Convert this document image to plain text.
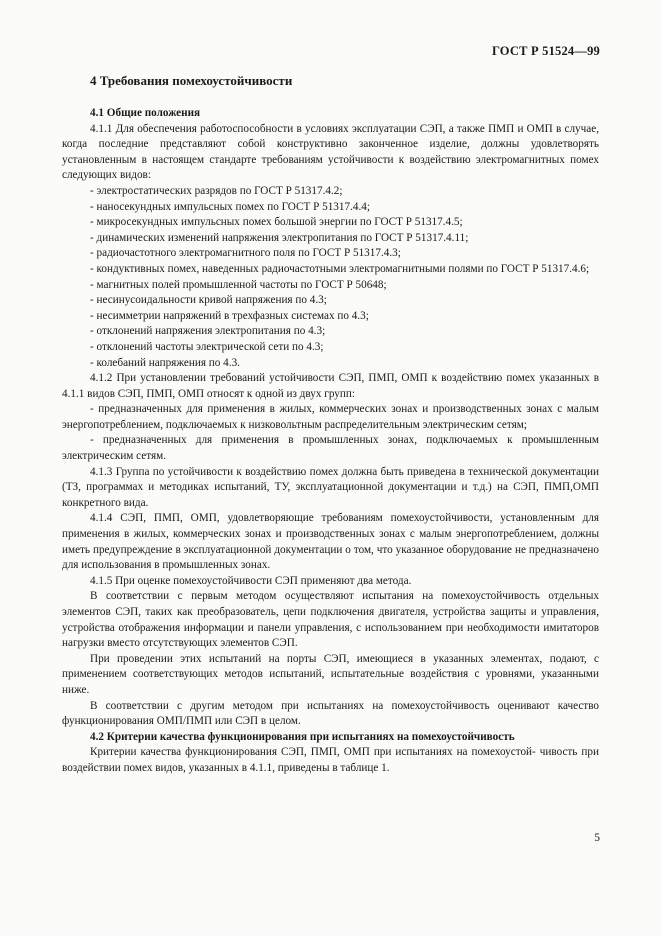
ГОСТ Р 51524—99
4 Требования помехоустойчивости
4.1 Общие положения

4.1.1 Для обеспечения работоспособности в условиях эксплуатации СЭП, а также ПМП и ОМП в случае, когда последние представляют собой конструктивно законченное изделие, должны удовлетворять установленным в настоящем стандарте требованиям устойчивости к воздействию электромагнитных помех следующих видов:

- электростатических разрядов по ГОСТ Р 51317.4.2;

- наносекундных импульсных помех по ГОСТ Р 51317.4.4;

- микросекундных импульсных помех большой энергии по ГОСТ Р 51317.4.5;

- динамических изменений напряжения электропитания по ГОСТ Р 51317.4.11;

- радиочастотного электромагнитного поля по ГОСТ Р 51317.4.3;

- кондуктивных помех, наведенных радиочастотными электромагнитными полями по ГОСТ Р 51317.4.6;

- магнитных полей промышленной частоты по ГОСТ Р 50648;

- несинусоидальности кривой напряжения по 4.3;

- несимметрии напряжений в трехфазных системах по 4.3;

- отклонений напряжения электропитания по 4.3;

- отклонений частоты электрической сети по 4.3;

- колебаний напряжения по 4.3.

4.1.2 При установлении требований устойчивости СЭП, ПМП, ОМП к воздействию помех указанных в 4.1.1 видов СЭП, ПМП, ОМП относят к одной из двух групп:

- предназначенных для применения в жилых, коммерческих зонах и производственных зонах с малым энергопотреблением, подключаемых к низковольтным распределительным электрическим сетям;

- предназначенных для применения в промышленных зонах, подключаемых к промышленным электрическим сетям.

4.1.3 Группа по устойчивости к воздействию помех должна быть приведена в технической документации (ТЗ, программах и методиках испытаний, ТУ, эксплуатационной документации и т.д.) на СЭП, ПМП,ОМП конкретного вида.

4.1.4 СЭП, ПМП, ОМП, удовлетворяющие требованиям помехоустойчивости, установленным для применения в жилых, коммерческих зонах и производственных зонах с малым энергопотреблением, должны иметь предупреждение в эксплуатационной документации о том, что указанное оборудование не предназначено для использования в промышленных зонах.

4.1.5 При оценке помехоустойчивости СЭП применяют два метода.

В соответствии с первым методом осуществляют испытания на помехоустойчивость отдельных элементов СЭП, таких как преобразователь, цепи подключения двигателя, устройства защиты и управления, устройства отображения информации и панели управления, с использованием при необходимости имитаторов нагрузки вместо отсутствующих элементов СЭП.

При проведении этих испытаний на порты СЭП, имеющиеся в указанных элементах, подают, с применением соответствующих методов испытаний, испытательные воздействия с уровнями, указанными ниже.

В соответствии с другим методом при испытаниях на помехоустойчивость оценивают качество функционирования ОМП/ПМП или СЭП в целом.

4.2 Критерии качества функционирования при испытаниях на помехоустойчивость

Критерии качества функционирования СЭП, ПМП, ОМП при испытаниях на помехоустой- чивость при воздействии помех видов, указанных в 4.1.1, приведены в таблице 1.

5
